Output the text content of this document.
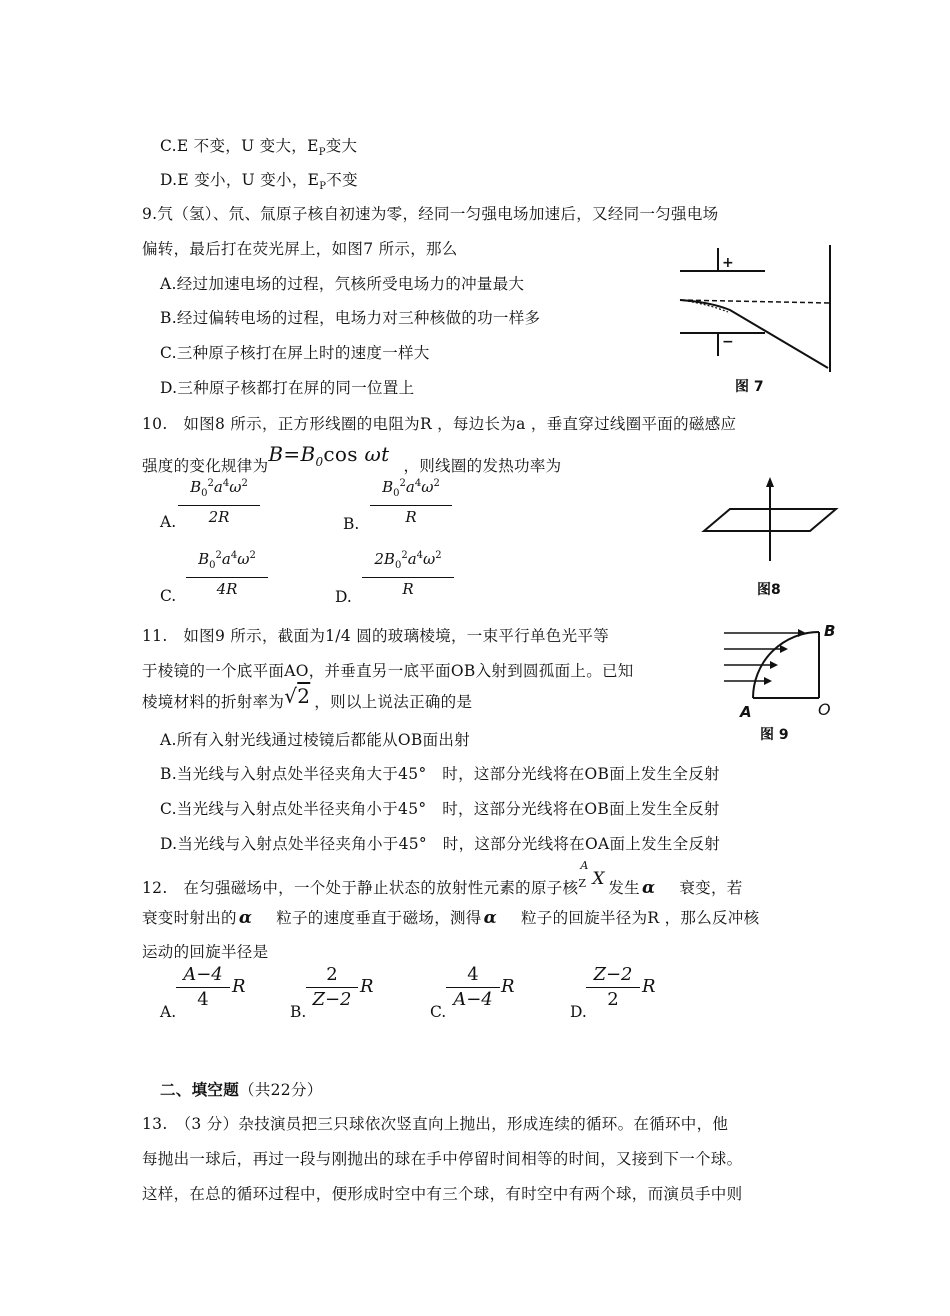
C.E 不变，U 变大，$E_P$变大
D.E 变小，U 变小，$E_P$不变
9.氕（氢）、氘、氚原子核自初速为零，经同一匀强电场加速后，又经同一匀强电场
偏转，最后打在荧光屏上，如图7 所示，那么
A.经过加速电场的过程，氕核所受电场力的冲量最大
B.经过偏转电场的过程，电场力对三种核做的功一样多
C.三种原子核打在屏上时的速度一样大
D.三种原子核都打在屏的同一位置上
+
−
图 7
10.　如图8 所示，正方形线圈的电阻为R ，每边长为a ，垂直穿过线圈平面的磁感应
强度的变化规律为$B=B_0\cos$ ωt ，则线圈的发热功率为
A.
$B_0^2a^4\omega^2$
2R	B.
$B_0^2a^4\omega^2$
R
C.
$B_0^2a^4\omega^2$
4R	D.
$2B_0^2a^4\omega^2$
R	图8
11.　如图9 所示，截面为1/4 圆的玻璃棱境，一束平行单色光平等
于棱镜的一个底平面AO，并垂直另一底平面OB入射到圆孤面上。已知
棱境材料的折射率为√2 ，则以上说法正确的是
A.所有入射光线通过棱镜后都能从OB面出射
B.当光线与入射点处半径夹角大于45°　时，这部分光线将在OB面上发生全反射
C.当光线与入射点处半径夹角小于45°　时，这部分光线将在OB面上发生全反射
D.当光线与入射点处半径夹角小于45°　时，这部分光线将在OA面上发生全反射
B
A	O
图 9
12.　在匀强磁场中，一个处于静止状态的放射性元素的原子核
A
Z X 发生 α 衰变，若
衰变时射出的 α 粒子的速度垂直于磁场，测得 α 粒子的回旋半径为R ，那么反冲核
运动的回旋半径是
A.
A−4
4
R
B.
2
Z−2
R
C.
4
A−4
R
D.
Z−2
2
R
二、填空题（共22分）
13.　（3 分）杂技演员把三只球依次竖直向上抛出，形成连续的循环。在循环中，他
每抛出一球后，再过一段与刚抛出的球在手中停留时间相等的时间，又接到下一个球。
这样，在总的循环过程中，便形成时空中有三个球，有时空中有两个球，而演员手中则
